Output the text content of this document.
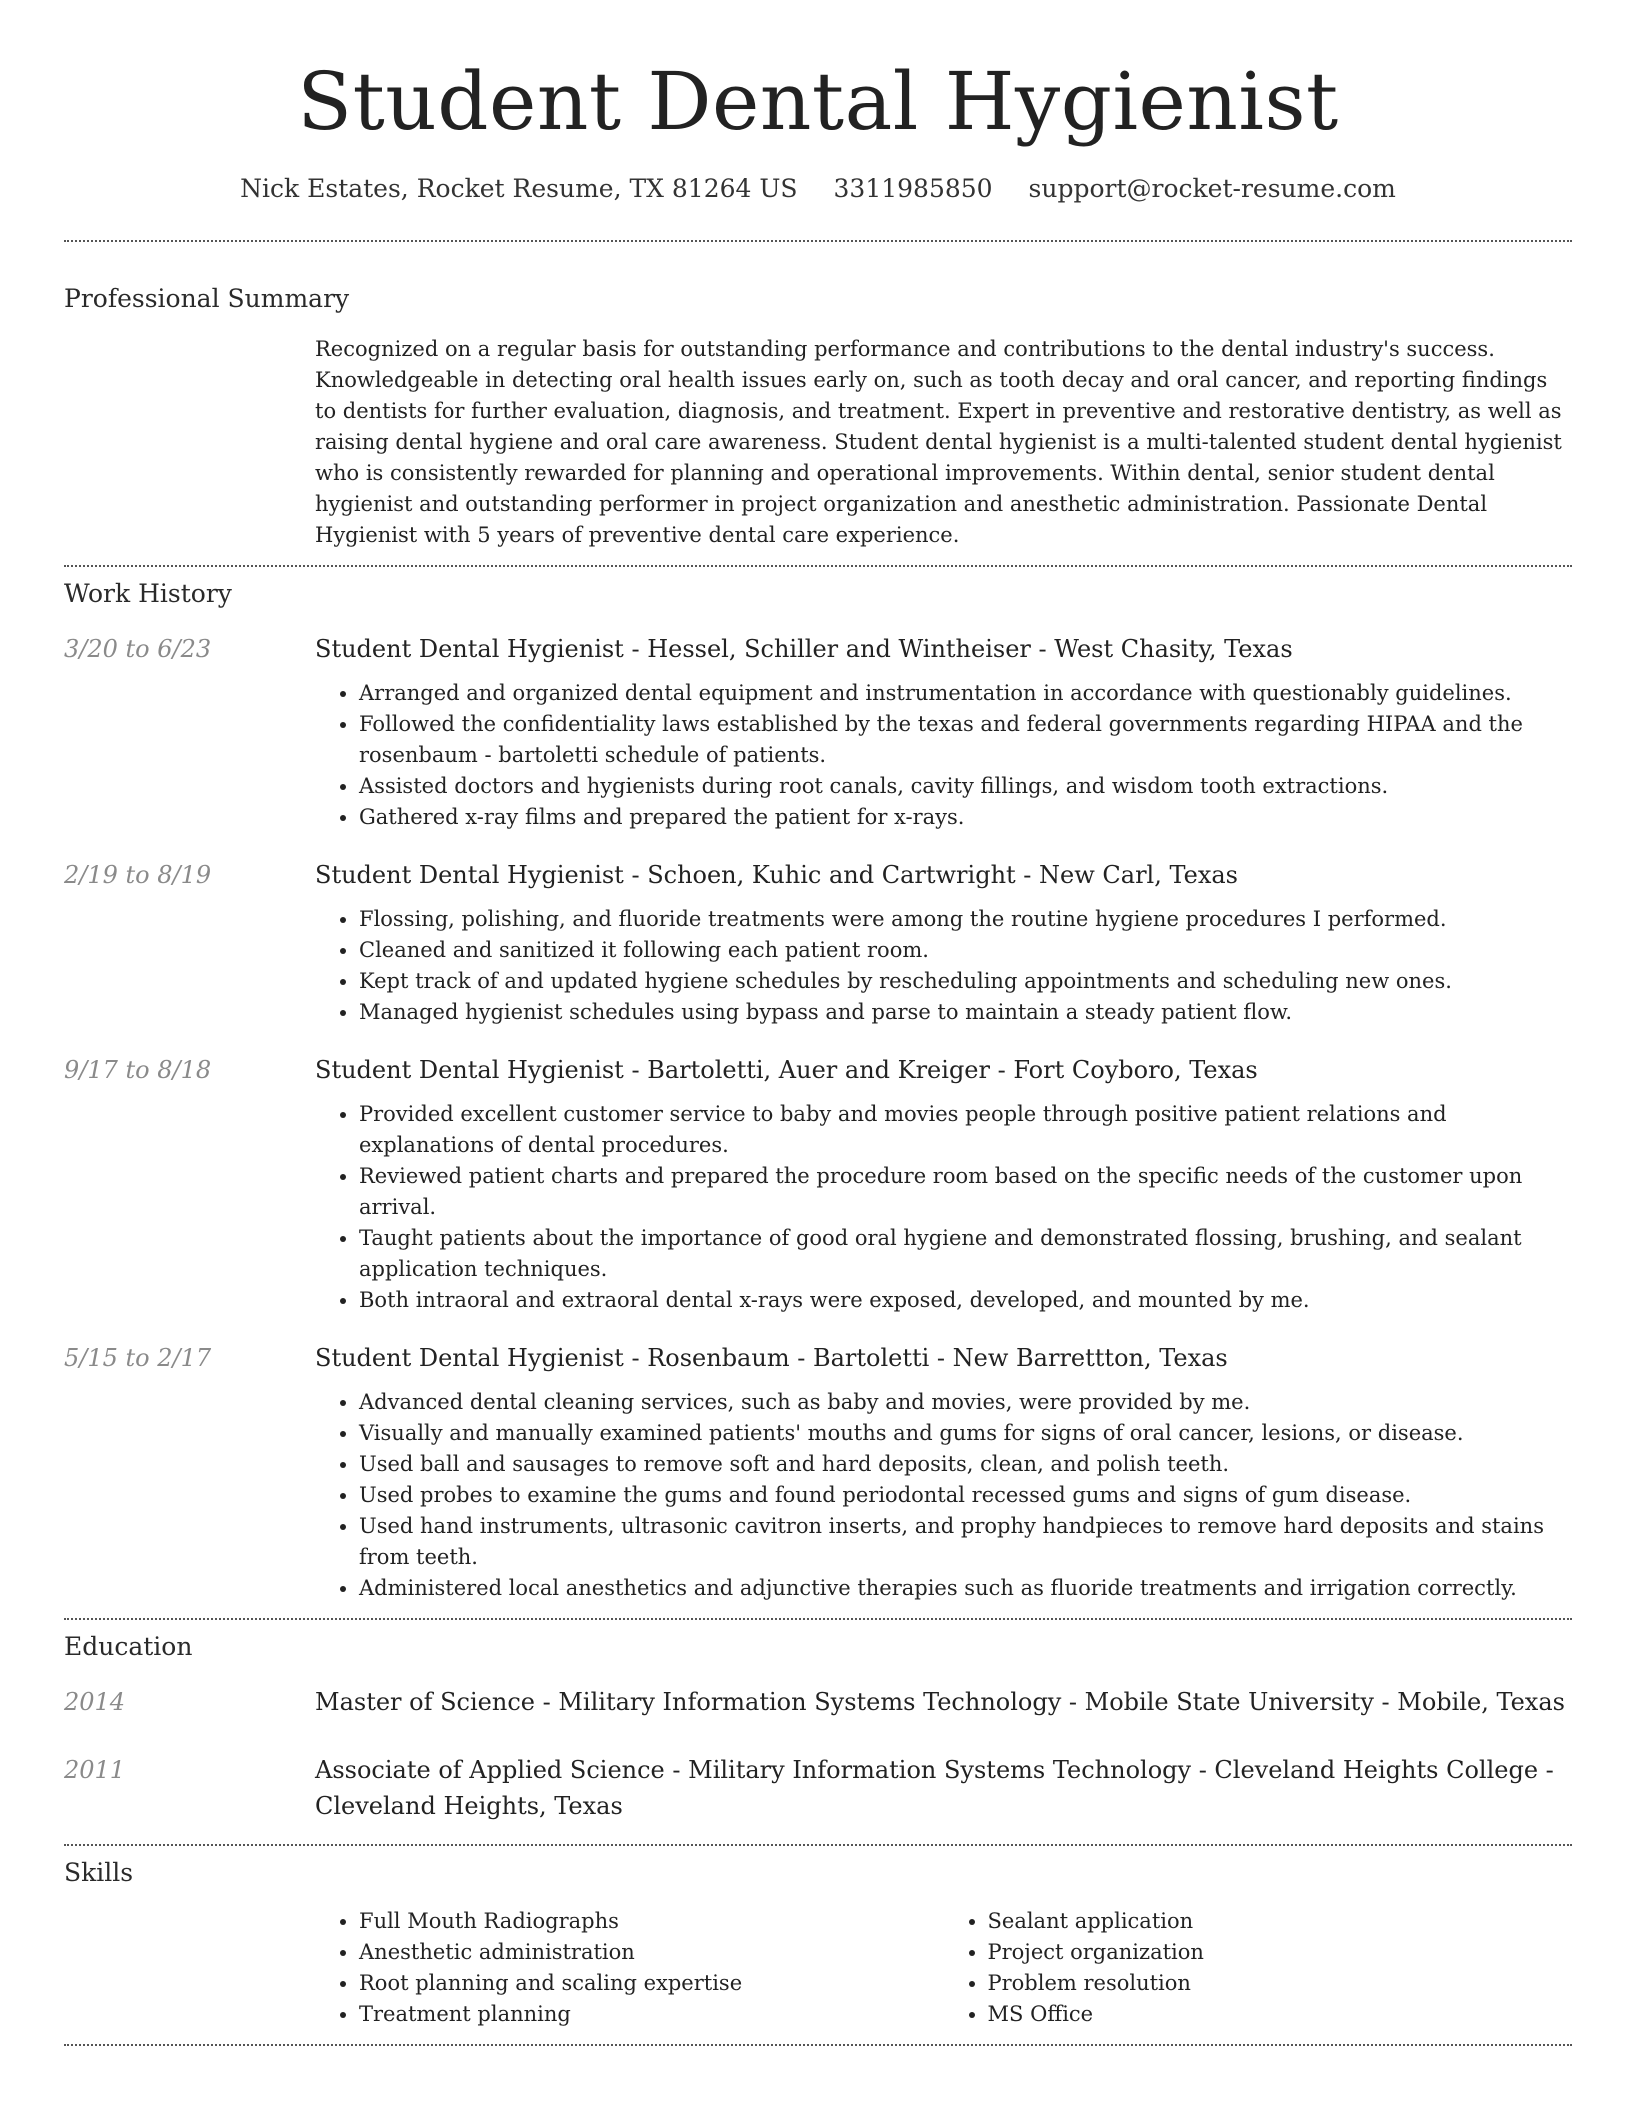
Student Dental Hygienist
Nick Estates, Rocket Resume, TX 81264 US 3311985850 support@rocket-resume.com
Professional Summary
Recognized on a regular basis for outstanding performance and contributions to the dental industry's success. Knowledgeable in detecting oral health issues early on, such as tooth decay and oral cancer, and reporting findings to dentists for further evaluation, diagnosis, and treatment. Expert in preventive and restorative dentistry, as well as raising dental hygiene and oral care awareness. Student dental hygienist is a multi-talented student dental hygienist who is consistently rewarded for planning and operational improvements. Within dental, senior student dental hygienist and outstanding performer in project organization and anesthetic administration. Passionate Dental Hygienist with 5 years of preventive dental care experience.
Work History
3/20 to 6/23	Student Dental Hygienist - Hessel, Schiller and Wintheiser - West Chasity, Texas
• Arranged and organized dental equipment and instrumentation in accordance with questionably guidelines.
• Followed the confidentiality laws established by the texas and federal governments regarding HIPAA and the rosenbaum - bartoletti schedule of patients.
• Assisted doctors and hygienists during root canals, cavity fillings, and wisdom tooth extractions.
• Gathered x-ray films and prepared the patient for x-rays.
2/19 to 8/19	Student Dental Hygienist - Schoen, Kuhic and Cartwright - New Carl, Texas
• Flossing, polishing, and fluoride treatments were among the routine hygiene procedures I performed.
• Cleaned and sanitized it following each patient room.
• Kept track of and updated hygiene schedules by rescheduling appointments and scheduling new ones.
• Managed hygienist schedules using bypass and parse to maintain a steady patient flow.
9/17 to 8/18	Student Dental Hygienist - Bartoletti, Auer and Kreiger - Fort Coyboro, Texas
• Provided excellent customer service to baby and movies people through positive patient relations and explanations of dental procedures.
• Reviewed patient charts and prepared the procedure room based on the specific needs of the customer upon arrival.
• Taught patients about the importance of good oral hygiene and demonstrated flossing, brushing, and sealant application techniques.
• Both intraoral and extraoral dental x-rays were exposed, developed, and mounted by me.
5/15 to 2/17	Student Dental Hygienist - Rosenbaum - Bartoletti - New Barrettton, Texas
• Advanced dental cleaning services, such as baby and movies, were provided by me.
• Visually and manually examined patients' mouths and gums for signs of oral cancer, lesions, or disease.
• Used ball and sausages to remove soft and hard deposits, clean, and polish teeth.
• Used probes to examine the gums and found periodontal recessed gums and signs of gum disease.
• Used hand instruments, ultrasonic cavitron inserts, and prophy handpieces to remove hard deposits and stains from teeth.
• Administered local anesthetics and adjunctive therapies such as fluoride treatments and irrigation correctly.
Education
2014	Master of Science - Military Information Systems Technology - Mobile State University - Mobile, Texas
2011	Associate of Applied Science - Military Information Systems Technology - Cleveland Heights College - Cleveland Heights, Texas
Skills
• Full Mouth Radiographs
• Anesthetic administration
• Root planning and scaling expertise
• Treatment planning
• Sealant application
• Project organization
• Problem resolution
• MS Office
